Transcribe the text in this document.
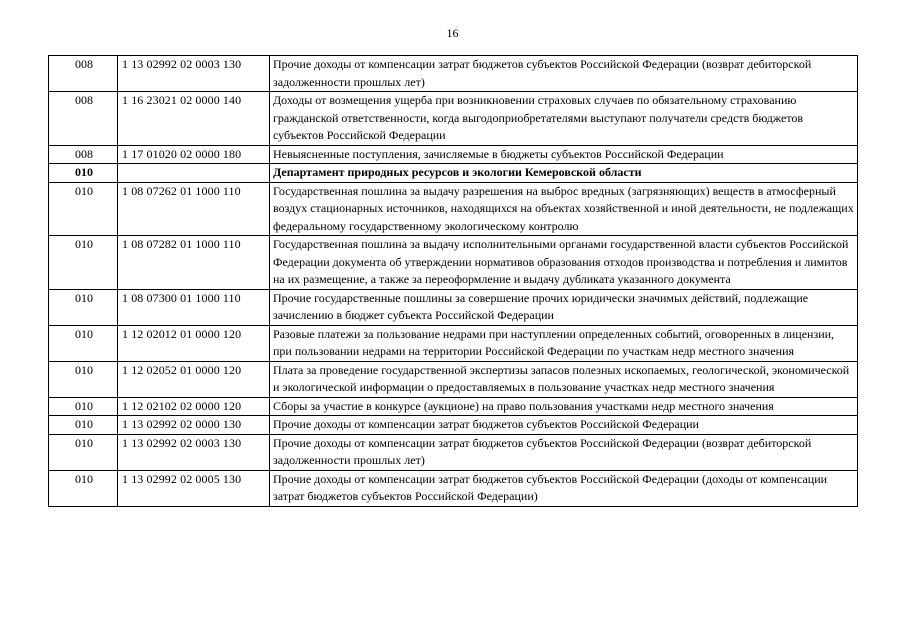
16
008	1 13 02992 02 0003 130	Прочие доходы от компенсации затрат бюджетов субъектов Российской Федерации (возврат дебиторской задолженности прошлых лет)
008	1 16 23021 02 0000 140	Доходы от возмещения ущерба при возникновении страховых случаев по обязательному страхованию гражданской ответственности, когда выгодоприобретателями выступают получатели средств бюджетов субъектов Российской Федерации
008	1 17 01020 02 0000 180	Невыясненные поступления, зачисляемые в бюджеты субъектов Российской Федерации
010		Департамент природных ресурсов и экологии Кемеровской области
010	1 08 07262 01 1000 110	Государственная пошлина за выдачу разрешения на выброс вредных (загрязняющих) веществ в атмосферный воздух стационарных источников, находящихся на объектах хозяйственной и иной деятельности, не подлежащих федеральному государственному экологическому контролю
010	1 08 07282 01 1000 110	Государственная пошлина за выдачу исполнительными органами государственной власти субъектов Российской Федерации документа об утверждении нормативов образования отходов производства и потребления и лимитов на их размещение, а также за переоформление и выдачу дубликата указанного документа
010	1 08 07300 01 1000 110	Прочие государственные пошлины за совершение прочих юридически значимых действий, подлежащие зачислению в бюджет субъекта Российской Федерации
010	1 12 02012 01 0000 120	Разовые платежи за пользование недрами при наступлении определенных событий, оговоренных в лицензии, при пользовании недрами на территории Российской Федерации по участкам недр местного значения
010	1 12 02052 01 0000 120	Плата за проведение государственной экспертизы запасов полезных ископаемых, геологической, экономической и экологической информации о предоставляемых в пользование участках недр местного значения
010	1 12 02102 02 0000 120	Сборы за участие в конкурсе (аукционе) на право пользования участками недр местного значения
010	1 13 02992 02 0000 130	Прочие доходы от компенсации затрат бюджетов субъектов Российской Федерации
010	1 13 02992 02 0003 130	Прочие доходы от компенсации затрат бюджетов субъектов Российской Федерации (возврат дебиторской задолженности прошлых лет)
010	1 13 02992 02 0005 130	Прочие доходы от компенсации затрат бюджетов субъектов Российской Федерации (доходы от компенсации затрат бюджетов субъектов Российской Федерации)
